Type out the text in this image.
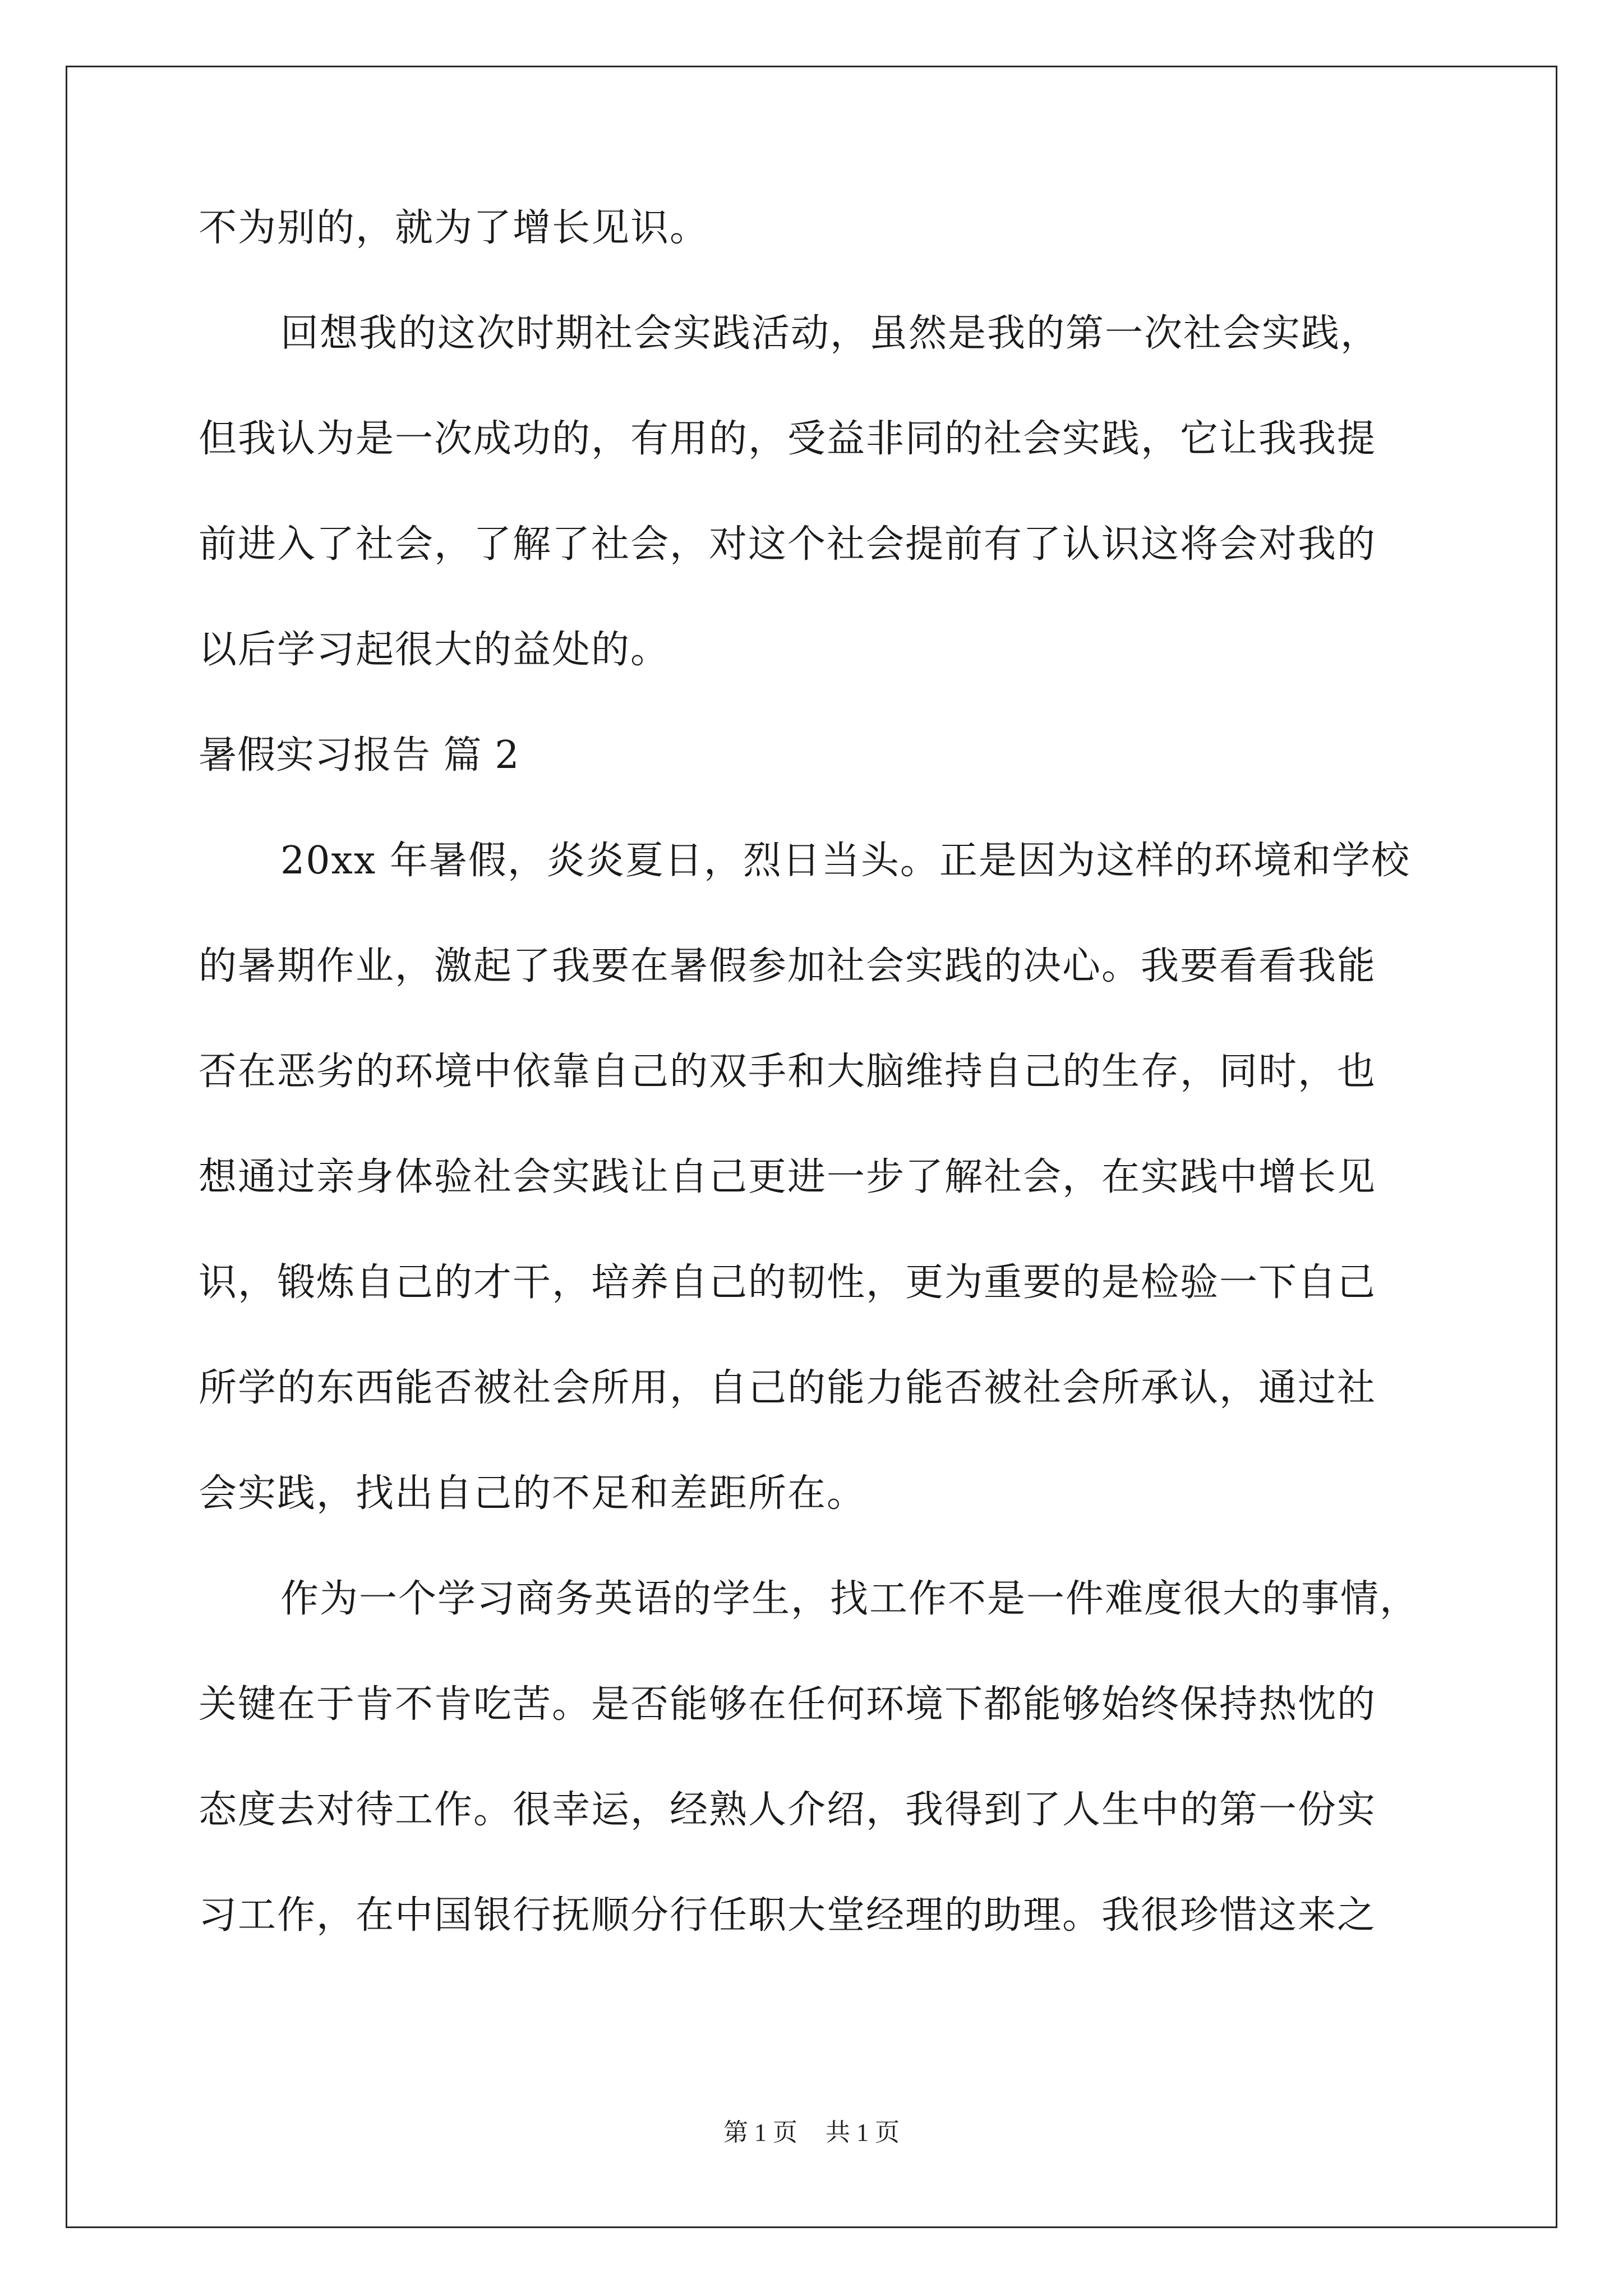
不为别的，就为了增长见识。
回想我的这次时期社会实践活动，虽然是我的第一次社会实践，
但我认为是一次成功的，有用的，受益非同的社会实践，它让我我提
前进入了社会，了解了社会，对这个社会提前有了认识这将会对我的
以后学习起很大的益处的。
暑假实习报告 篇 2
20xx 年暑假，炎炎夏日，烈日当头。正是因为这样的环境和学校
的暑期作业，激起了我要在暑假参加社会实践的决心。我要看看我能
否在恶劣的环境中依靠自己的双手和大脑维持自己的生存，同时，也
想通过亲身体验社会实践让自己更进一步了解社会，在实践中增长见
识，锻炼自己的才干，培养自己的韧性，更为重要的是检验一下自己
所学的东西能否被社会所用，自己的能力能否被社会所承认，通过社
会实践，找出自己的不足和差距所在。
作为一个学习商务英语的学生，找工作不是一件难度很大的事情，
关键在于肯不肯吃苦。是否能够在任何环境下都能够始终保持热忱的
态度去对待工作。很幸运，经熟人介绍，我得到了人生中的第一份实
习工作，在中国银行抚顺分行任职大堂经理的助理。我很珍惜这来之
第 1 页 共 1 页
